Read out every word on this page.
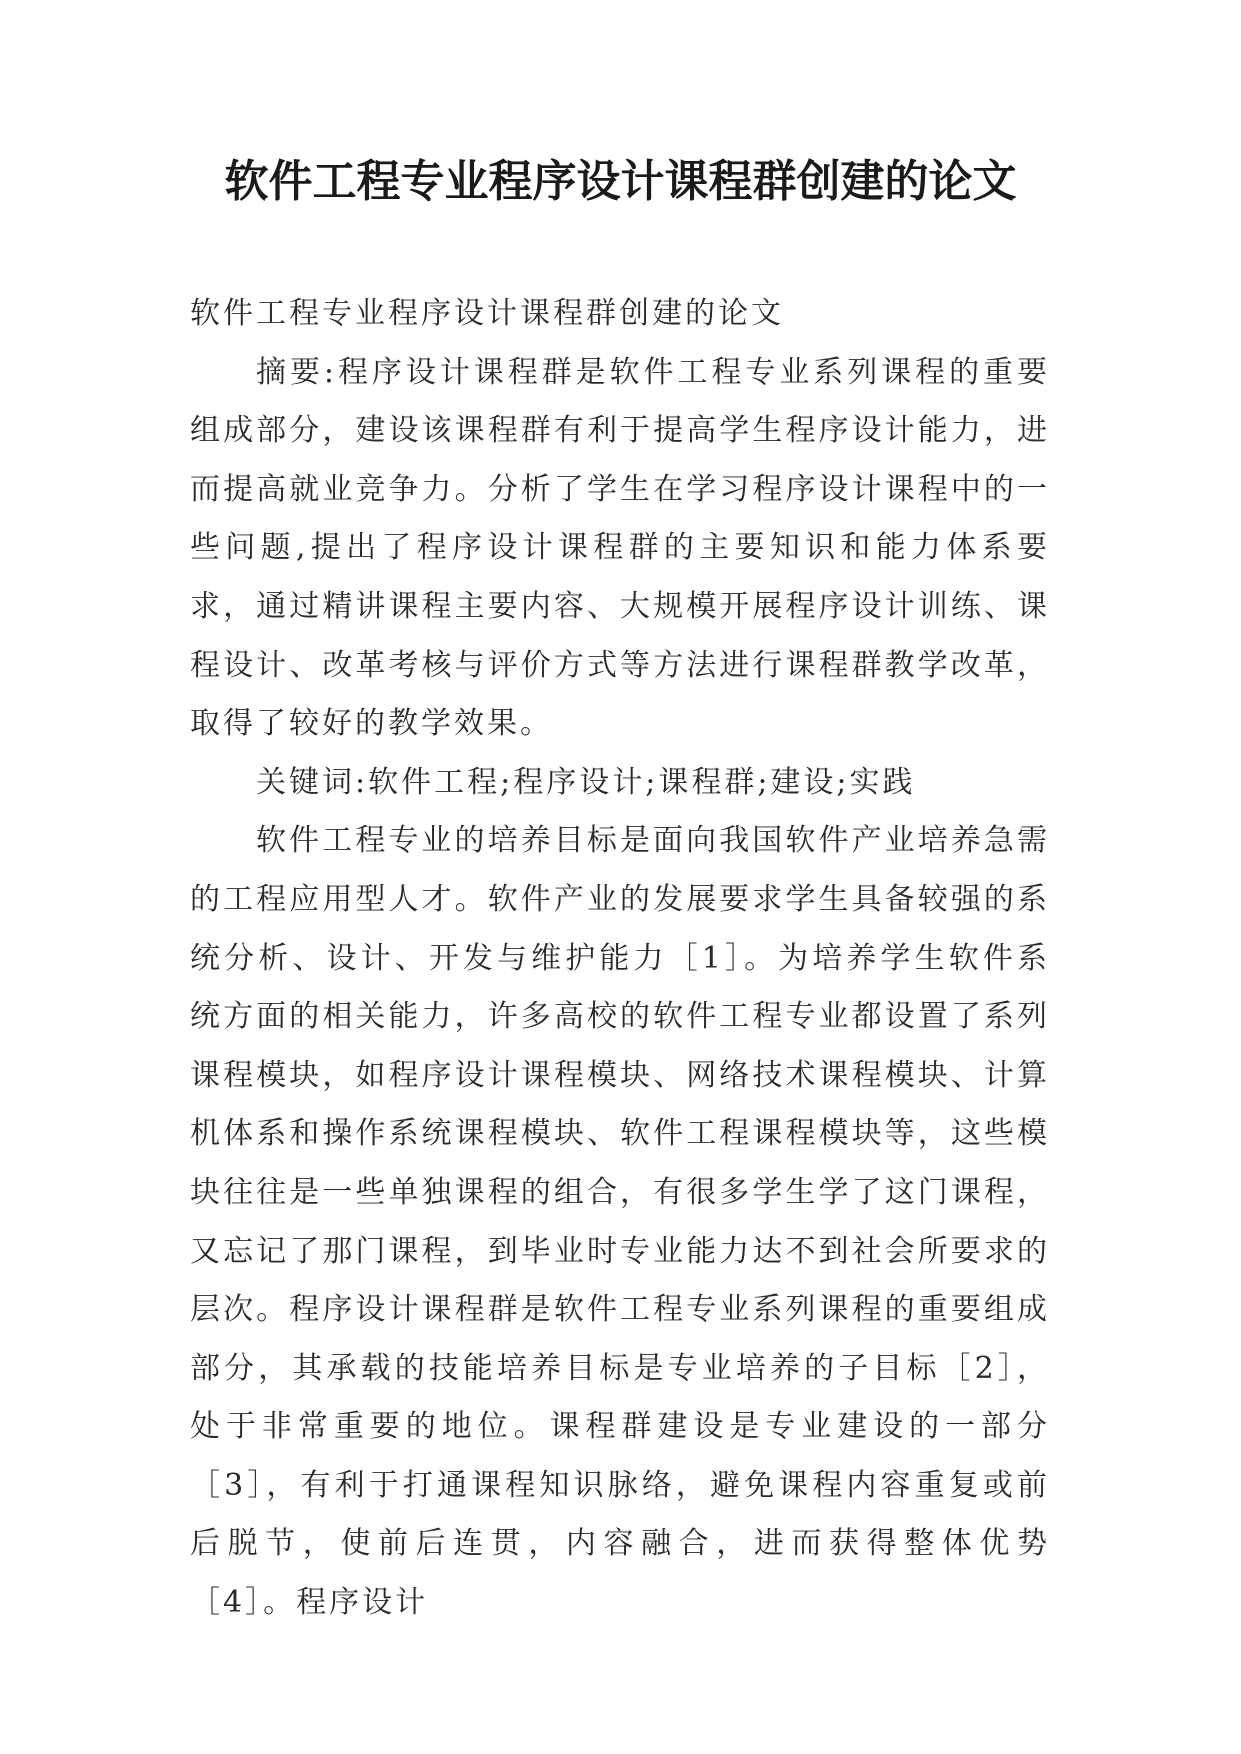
软件工程专业程序设计课程群创建的论文

软件工程专业程序设计课程群创建的论文

摘要:程序设计课程群是软件工程专业系列课程的重要组成部分，建设该课程群有利于提高学生程序设计能力，进而提高就业竞争力。分析了学生在学习程序设计课程中的一些问题,提出了程序设计课程群的主要知识和能力体系要求，通过精讲课程主要内容、大规模开展程序设计训练、课程设计、改革考核与评价方式等方法进行课程群教学改革，取得了较好的教学效果。

关键词:软件工程;程序设计;课程群;建设;实践

软件工程专业的培养目标是面向我国软件产业培养急需的工程应用型人才。软件产业的发展要求学生具备较强的系统分析、设计、开发与维护能力［1］。为培养学生软件系统方面的相关能力，许多高校的软件工程专业都设置了系列课程模块，如程序设计课程模块、网络技术课程模块、计算机体系和操作系统课程模块、软件工程课程模块等，这些模块往往是一些单独课程的组合，有很多学生学了这门课程，又忘记了那门课程，到毕业时专业能力达不到社会所要求的层次。程序设计课程群是软件工程专业系列课程的重要组成部分，其承载的技能培养目标是专业培养的子目标［2］，处于非常重要的地位。课程群建设是专业建设的一部分［3］，有利于打通课程知识脉络，避免课程内容重复或前后脱节，使前后连贯，内容融合，进而获得整体优势［4］。程序设计
